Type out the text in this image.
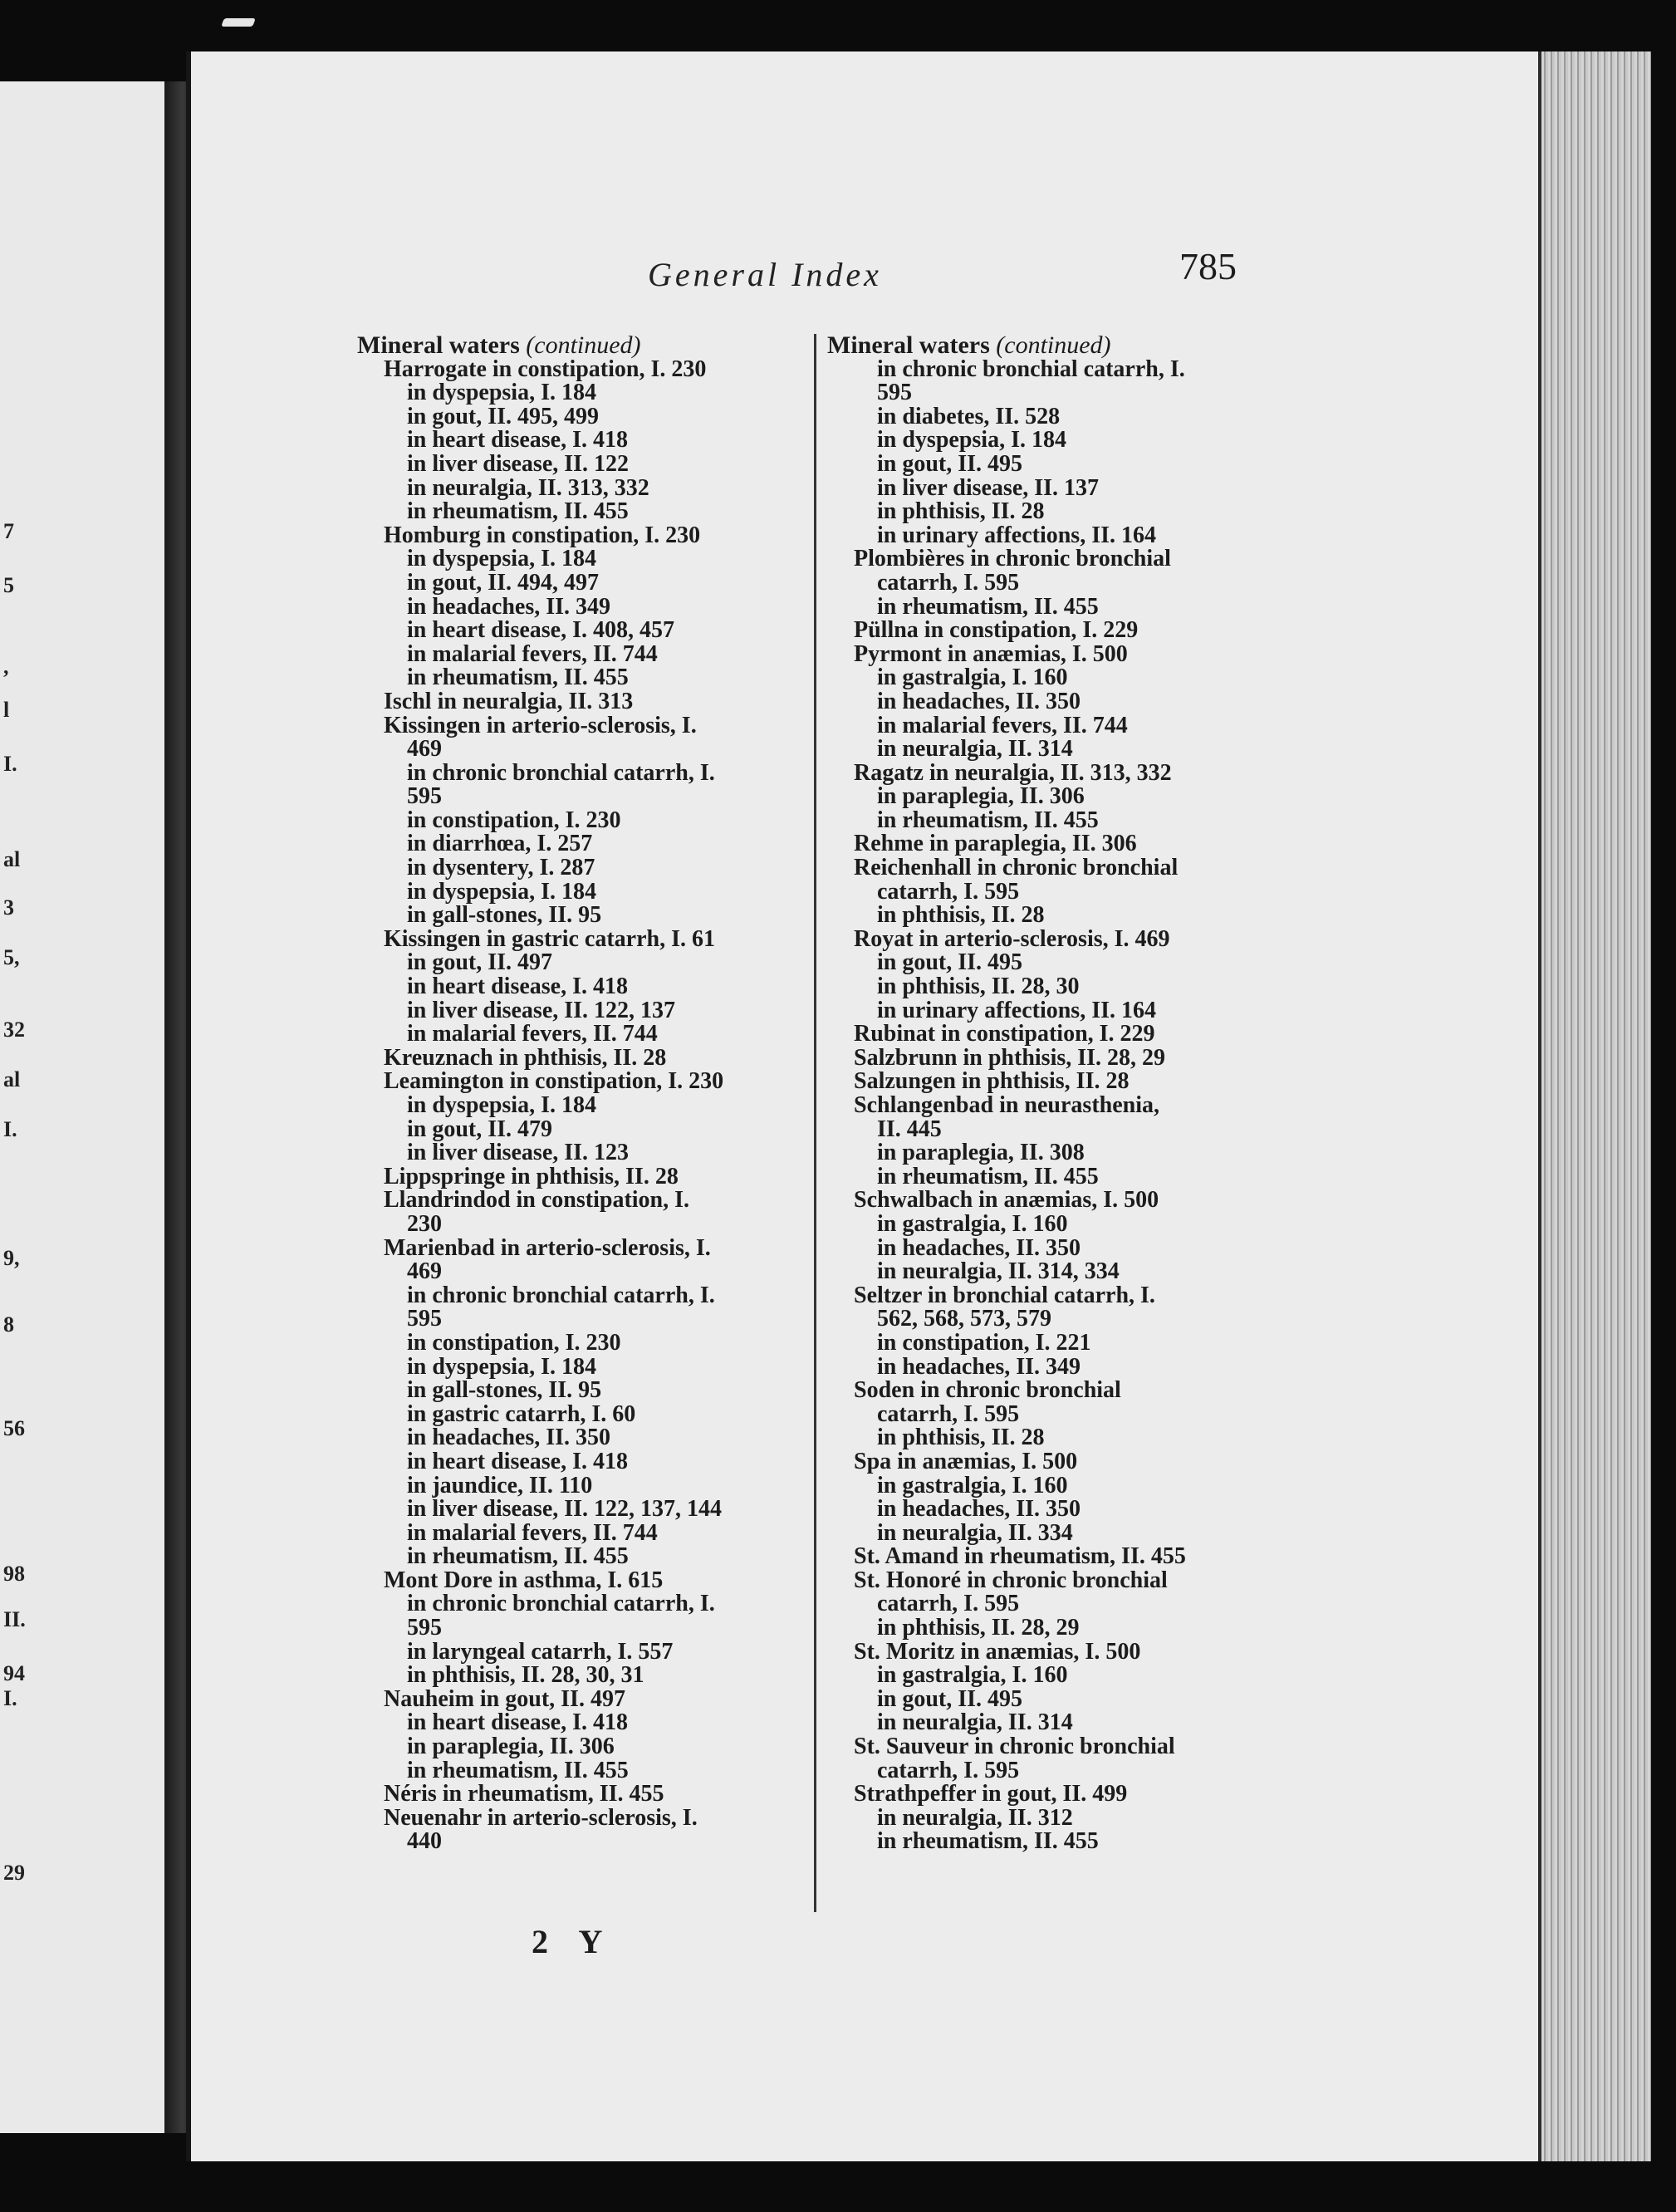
7
5
,
l
I.
al
3
5,
32
al
I.
9,
8
56
98
II.
94
I.
29
General Index	785
Mineral waters (continued)
Harrogate in constipation, I. 230
in dyspepsia, I. 184
in gout, II. 495, 499
in heart disease, I. 418
in liver disease, II. 122
in neuralgia, II. 313, 332
in rheumatism, II. 455
Homburg in constipation, I. 230
in dyspepsia, I. 184
in gout, II. 494, 497
in headaches, II. 349
in heart disease, I. 408, 457
in malarial fevers, II. 744
in rheumatism, II. 455
Ischl in neuralgia, II. 313
Kissingen in arterio-sclerosis, I.
469
in chronic bronchial catarrh, I.
595
in constipation, I. 230
in diarrhœa, I. 257
in dysentery, I. 287
in dyspepsia, I. 184
in gall-stones, II. 95
Kissingen in gastric catarrh, I. 61
in gout, II. 497
in heart disease, I. 418
in liver disease, II. 122, 137
in malarial fevers, II. 744
Kreuznach in phthisis, II. 28
Leamington in constipation, I. 230
in dyspepsia, I. 184
in gout, II. 479
in liver disease, II. 123
Lippspringe in phthisis, II. 28
Llandrindod in constipation, I.
230
Marienbad in arterio-sclerosis, I.
469
in chronic bronchial catarrh, I.
595
in constipation, I. 230
in dyspepsia, I. 184
in gall-stones, II. 95
in gastric catarrh, I. 60
in headaches, II. 350
in heart disease, I. 418
in jaundice, II. 110
in liver disease, II. 122, 137, 144
in malarial fevers, II. 744
in rheumatism, II. 455
Mont Dore in asthma, I. 615
in chronic bronchial catarrh, I.
595
in laryngeal catarrh, I. 557
in phthisis, II. 28, 30, 31
Nauheim in gout, II. 497
in heart disease, I. 418
in paraplegia, II. 306
in rheumatism, II. 455
Néris in rheumatism, II. 455
Neuenahr in arterio-sclerosis, I.
440
Mineral waters (continued)
in chronic bronchial catarrh, I.
595
in diabetes, II. 528
in dyspepsia, I. 184
in gout, II. 495
in liver disease, II. 137
in phthisis, II. 28
in urinary affections, II. 164
Plombières in chronic bronchial
catarrh, I. 595
in rheumatism, II. 455
Püllna in constipation, I. 229
Pyrmont in anæmias, I. 500
in gastralgia, I. 160
in headaches, II. 350
in malarial fevers, II. 744
in neuralgia, II. 314
Ragatz in neuralgia, II. 313, 332
in paraplegia, II. 306
in rheumatism, II. 455
Rehme in paraplegia, II. 306
Reichenhall in chronic bronchial
catarrh, I. 595
in phthisis, II. 28
Royat in arterio-sclerosis, I. 469
in gout, II. 495
in phthisis, II. 28, 30
in urinary affections, II. 164
Rubinat in constipation, I. 229
Salzbrunn in phthisis, II. 28, 29
Salzungen in phthisis, II. 28
Schlangenbad in neurasthenia,
II. 445
in paraplegia, II. 308
in rheumatism, II. 455
Schwalbach in anæmias, I. 500
in gastralgia, I. 160
in headaches, II. 350
in neuralgia, II. 314, 334
Seltzer in bronchial catarrh, I.
562, 568, 573, 579
in constipation, I. 221
in headaches, II. 349
Soden in chronic bronchial
catarrh, I. 595
in phthisis, II. 28
Spa in anæmias, I. 500
in gastralgia, I. 160
in headaches, II. 350
in neuralgia, II. 334
St. Amand in rheumatism, II. 455
St. Honoré in chronic bronchial
catarrh, I. 595
in phthisis, II. 28, 29
St. Moritz in anæmias, I. 500
in gastralgia, I. 160
in gout, II. 495
in neuralgia, II. 314
St. Sauveur in chronic bronchial
catarrh, I. 595
Strathpeffer in gout, II. 499
in neuralgia, II. 312
in rheumatism, II. 455
2 Y
